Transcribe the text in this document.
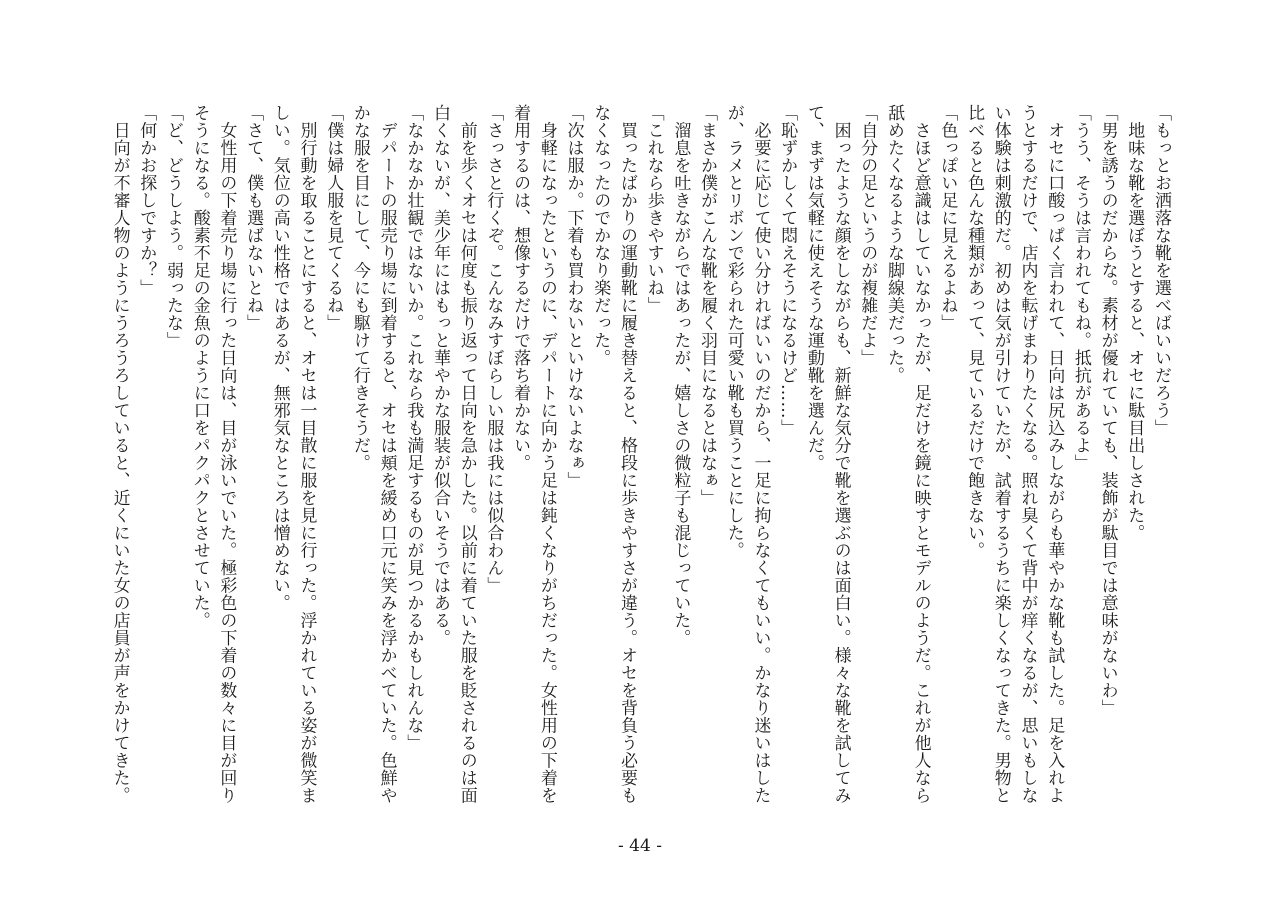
「もっとお洒落な靴を選べばいいだろう」
　地味な靴を選ぼうとすると、オセに駄目出しされた。
「男を誘うのだからな。素材が優れていても、装飾が駄目では意味がないわ」
「うう、そうは言われてもね。抵抗があるよ」
　オセに口酸っぱく言われて、日向は尻込みしながらも華やかな靴も試した。足を入れよ
うとするだけで、店内を転げまわりたくなる。照れ臭くて背中が痒くなるが、思いもしな
い体験は刺激的だ。初めは気が引けていたが、試着するうちに楽しくなってきた。男物と
比べると色んな種類があって、見ているだけで飽きない。
「色っぽい足に見えるよね」
　さほど意識はしていなかったが、足だけを鏡に映すとモデルのようだ。これが他人なら
舐めたくなるような脚線美だった。
「自分の足というのが複雑だよ」
　困ったような顔をしながらも、新鮮な気分で靴を選ぶのは面白い。様々な靴を試してみ
て、まずは気軽に使えそうな運動靴を選んだ。
「恥ずかしくて悶えそうになるけど……」
　必要に応じて使い分ければいいのだから、一足に拘らなくてもいい。かなり迷いはした
が、ラメとリボンで彩られた可愛い靴も買うことにした。
「まさか僕がこんな靴を履く羽目になるとはなぁ」
　溜息を吐きながらではあったが、嬉しさの微粒子も混じっていた。
「これなら歩きやすいね」
　買ったばかりの運動靴に履き替えると、格段に歩きやすさが違う。オセを背負う必要も
なくなったのでかなり楽だった。
「次は服か。下着も買わないといけないよなぁ」
　身軽になったというのに、デパートに向かう足は鈍くなりがちだった。女性用の下着を
着用するのは、想像するだけで落ち着かない。
「さっさと行くぞ。こんなみすぼらしい服は我には似合わん」
　前を歩くオセは何度も振り返って日向を急かした。以前に着ていた服を貶されるのは面
白くないが、美少年にはもっと華やかな服装が似合いそうではある。
「なかなか壮観ではないか。これなら我も満足するものが見つかるかもしれんな」
　デパートの服売り場に到着すると、オセは頬を緩め口元に笑みを浮かべていた。色鮮や
かな服を目にして、今にも駆けて行きそうだ。
「僕は婦人服を見てくるね」
　別行動を取ることにすると、オセは一目散に服を見に行った。浮かれている姿が微笑ま
しい。気位の高い性格ではあるが、無邪気なところは憎めない。
「さて、僕も選ばないとね」
　女性用の下着売り場に行った日向は、目が泳いでいた。極彩色の下着の数々に目が回り
そうになる。酸素不足の金魚のように口をパクパクとさせていた。
「ど、どうしよう。弱ったな」
「何かお探しですか？」
　日向が不審人物のようにうろうろしていると、近くにいた女の店員が声をかけてきた。
- 44 -
